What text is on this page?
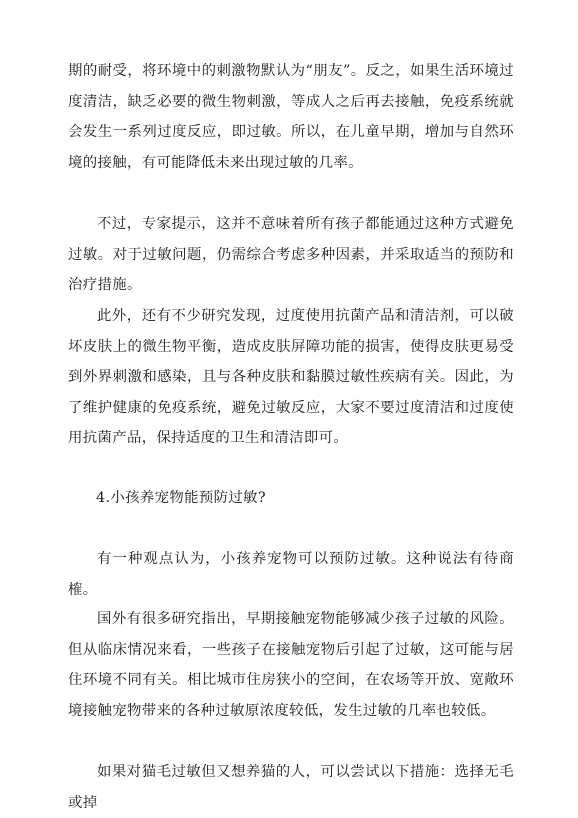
期的耐受，将环境中的刺激物默认为“朋友”。反之，如果生活环境过度清洁，缺乏必要的微生物刺激，等成人之后再去接触，免疫系统就会发生一系列过度反应，即过敏。所以，在儿童早期，增加与自然环境的接触，有可能降低未来出现过敏的几率。

不过，专家提示，这并不意味着所有孩子都能通过这种方式避免过敏。对于过敏问题，仍需综合考虑多种因素，并采取适当的预防和治疗措施。

此外，还有不少研究发现，过度使用抗菌产品和清洁剂，可以破坏皮肤上的微生物平衡，造成皮肤屏障功能的损害，使得皮肤更易受到外界刺激和感染，且与各种皮肤和黏膜过敏性疾病有关。因此，为了维护健康的免疫系统，避免过敏反应，大家不要过度清洁和过度使用抗菌产品，保持适度的卫生和清洁即可。

4.小孩养宠物能预防过敏?

有一种观点认为，小孩养宠物可以预防过敏。这种说法有待商榷。

国外有很多研究指出，早期接触宠物能够减少孩子过敏的风险。但从临床情况来看，一些孩子在接触宠物后引起了过敏，这可能与居住环境不同有关。相比城市住房狭小的空间，在农场等开放、宽敞环境接触宠物带来的各种过敏原浓度较低，发生过敏的几率也较低。

如果对猫毛过敏但又想养猫的人，可以尝试以下措施：选择无毛或掉
